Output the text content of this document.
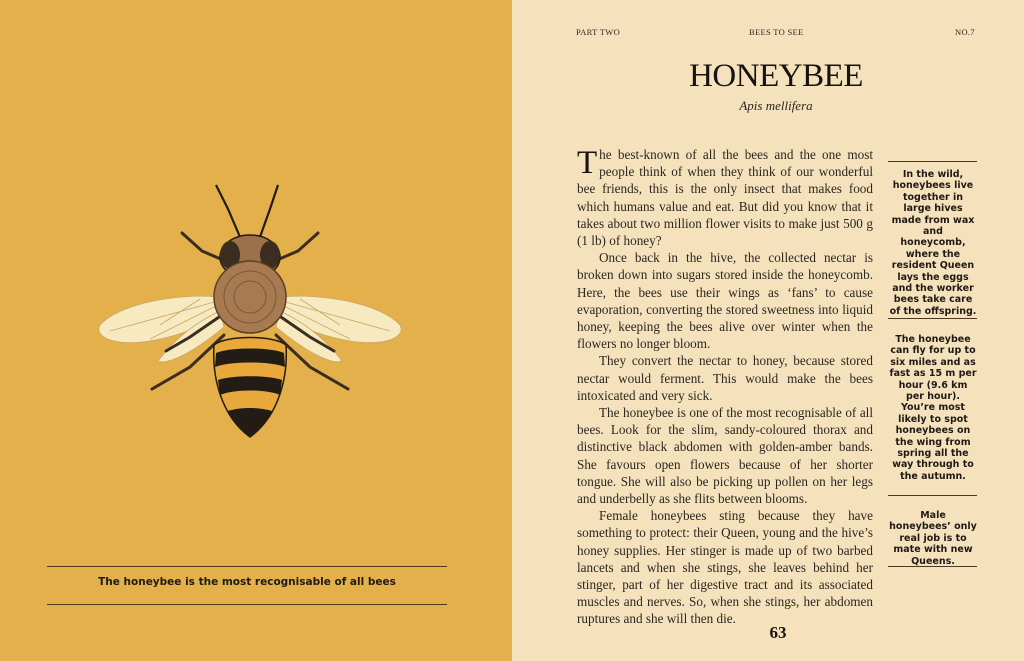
The honeybee is the most recognisable of all bees
PART TWO	BEES TO SEE	NO.7
HONEYBEE
Apis mellifera

The best-known of all the bees and the one most people think of when they think of our wonderful bee friends, this is the only insect that makes food which humans value and eat. But did you know that it takes about two million flower visits to make just 500 g (1 lb) of honey?

Once back in the hive, the collected nectar is broken down into sugars stored inside the honeycomb. Here, the bees use their wings as ‘fans’ to cause evaporation, converting the stored sweetness into liquid honey, keeping the bees alive over winter when the flowers no longer bloom.

They convert the nectar to honey, because stored nectar would ferment. This would make the bees intoxicated and very sick.

The honeybee is one of the most recognisable of all bees. Look for the slim, sandy-coloured thorax and distinctive black abdomen with golden-amber bands. She favours open flowers because of her shorter tongue. She will also be picking up pollen on her legs and underbelly as she flits between blooms.

Female honeybees sting because they have something to protect: their Queen, young and the hive’s honey supplies. Her stinger is made up of two barbed lancets and when she stings, she leaves behind her stinger, part of her digestive tract and its associated muscles and nerves. So, when she stings, her abdomen ruptures and she will then die.

In the wild, honeybees live together in large hives made from wax and honeycomb, where the resident Queen lays the eggs and the worker bees take care of the offspring.
The honeybee can fly for up to six miles and as fast as 15 m per hour (9.6 km per hour). You’re most likely to spot honeybees on the wing from spring all the way through to the autumn.
Male honeybees’ only real job is to mate with new Queens.
63
